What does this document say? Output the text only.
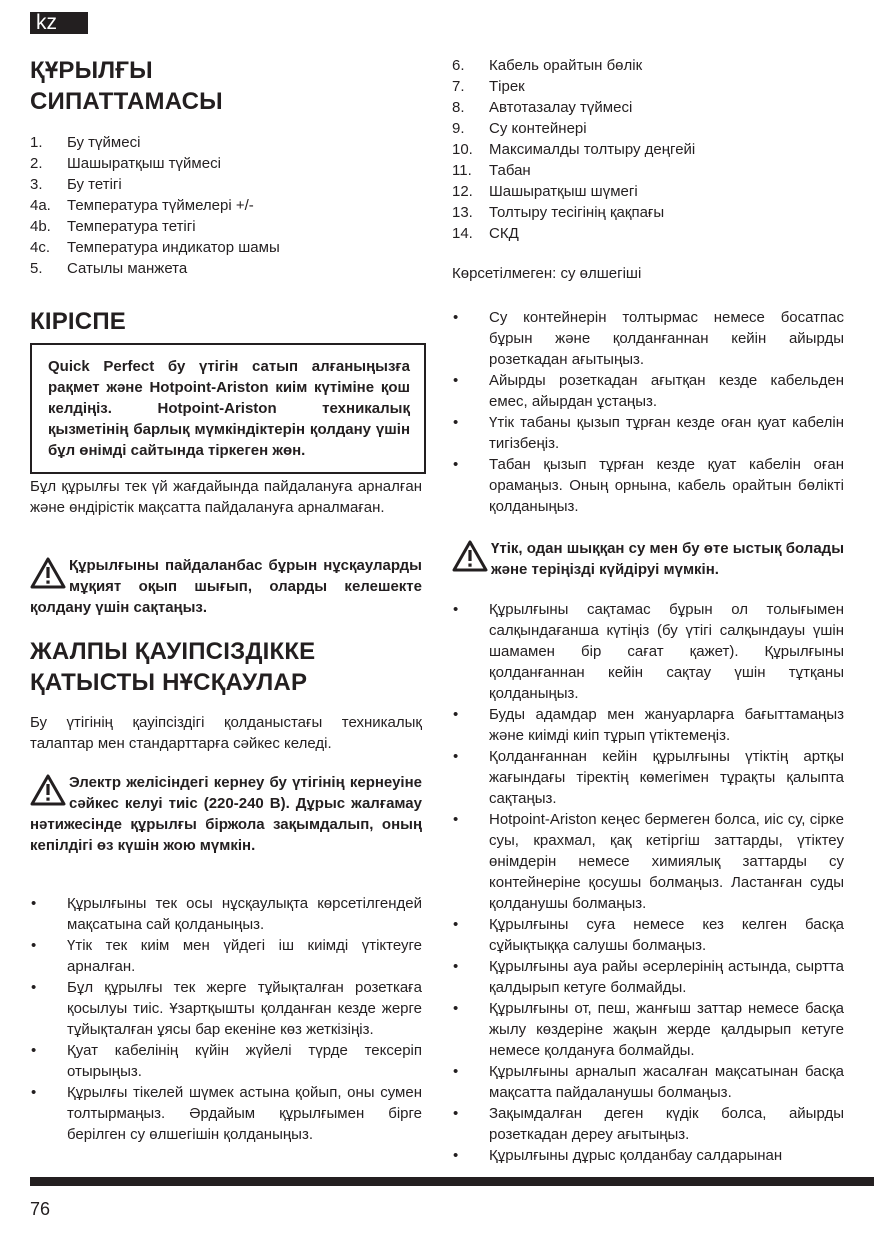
kz
ҚҰРЫЛҒЫ
СИПАТТАМАСЫ
1. Бу түймесі
2. Шашыратқыш түймесі
3. Бу тетігі
4a. Температура түймелері +/-
4b. Температура тетігі
4c. Температура индикатор шамы
5. Сатылы манжета
КІРІСПЕ
Quick Perfect бу үтігін сатып алғаныңызға рақмет және Hotpoint-Ariston киім күтіміне қош келдіңіз. Hotpoint-Ariston техникалық қызметінің барлық мүмкіндіктерін қолдану үшін бұл өнімді сайтында тіркеген жөн.

Бұл құрылғы тек үй жағдайында пайдалануға арналған және өндірістік мақсатта пайдалануға арналмаған.

Құрылғыны пайдаланбас бұрын нұсқауларды мұқият оқып шығып, оларды келешекте қолдану үшін сақтаңыз.
ЖАЛПЫ ҚАУІПСІЗДІККЕ
ҚАТЫСТЫ НҰСҚАУЛАР

Бу үтігінің қауіпсіздігі қолданыстағы техникалық талаптар мен стандарттарға сәйкес келеді.

Электр желісіндегі кернеу бу үтігінің кернеуіне сәйкес келуі тиіс (220-240 В). Дұрыс жалғамау нәтижесінде құрылғы біржола зақымдалып, оның кепілдігі өз күшін жою мүмкін.
• Құрылғыны тек осы нұсқаулықта көрсетілгендей мақсатына сай қолданыңыз.
• Үтік тек киім мен үйдегі іш киімді үтіктеуге арналған.
• Бұл құрылғы тек жерге тұйықталған розеткаға қосылуы тиіс. Ұзартқышты қолданған кезде жерге тұйықталған ұясы бар екеніне көз жеткізіңіз.
• Қуат кабелінің күйін жүйелі түрде тексеріп отырыңыз.
• Құрылғы тікелей шүмек астына қойып, оны сумен толтырмаңыз. Әрдайым құрылғымен бірге берілген су өлшегішін қолданыңыз.
6. Кабель орайтын бөлік
7. Тірек
8. Автотазалау түймесі
9. Су контейнері
10. Максималды толтыру деңгейі
11. Табан
12. Шашыратқыш шүмегі
13. Толтыру тесігінің қақпағы
14. СКД

Көрсетілмеген: су өлшегіші

• Су контейнерін толтырмас немесе босатпас бұрын және қолданғаннан кейін айырды розеткадан ағытыңыз.
• Айырды розеткадан ағытқан кезде кабельден емес, айырдан ұстаңыз.
• Үтік табаны қызып тұрған кезде оған қуат кабелін тигізбеңіз.
• Табан қызып тұрған кезде қуат кабелін оған орамаңыз. Оның орнына, кабель орайтын бөлікті қолданыңыз.
Үтік, одан шыққан су мен бу өте ыстық болады және теріңізді күйдіруі мүмкін.
• Құрылғыны сақтамас бұрын ол толығымен салқындағанша күтіңіз (бу үтігі салқындауы үшін шамамен бір сағат қажет). Құрылғыны қолданғаннан кейін сақтау үшін тұтқаны қолданыңыз.
• Буды адамдар мен жануарларға бағыттамаңыз және киімді киіп тұрып үтіктемеңіз.
• Қолданғаннан кейін құрылғыны үтіктің артқы жағындағы тіректің көмегімен тұрақты қалыпта сақтаңыз.
• Hotpoint-Ariston кеңес бермеген болса, иіс су, сірке суы, крахмал, қақ кетіргіш заттарды, үтіктеу өнімдерін немесе химиялық заттарды су контейнеріне қосушы болмаңыз. Ластанған суды қолданушы болмаңыз.
• Құрылғыны суға немесе кез келген басқа сұйықтыққа салушы болмаңыз.
• Құрылғыны ауа райы әсерлерінің астында, сыртта қалдырып кетуге болмайды.
• Құрылғыны от, пеш, жанғыш заттар немесе басқа жылу көздеріне жақын жерде қалдырып кетуге немесе қолдануға болмайды.
• Құрылғыны арналып жасалған мақсатынан басқа мақсатта пайдаланушы болмаңыз.
• Зақымдалған деген күдік болса, айырды розеткадан дереу ағытыңыз.
• Құрылғыны дұрыс қолданбау салдарынан
76
